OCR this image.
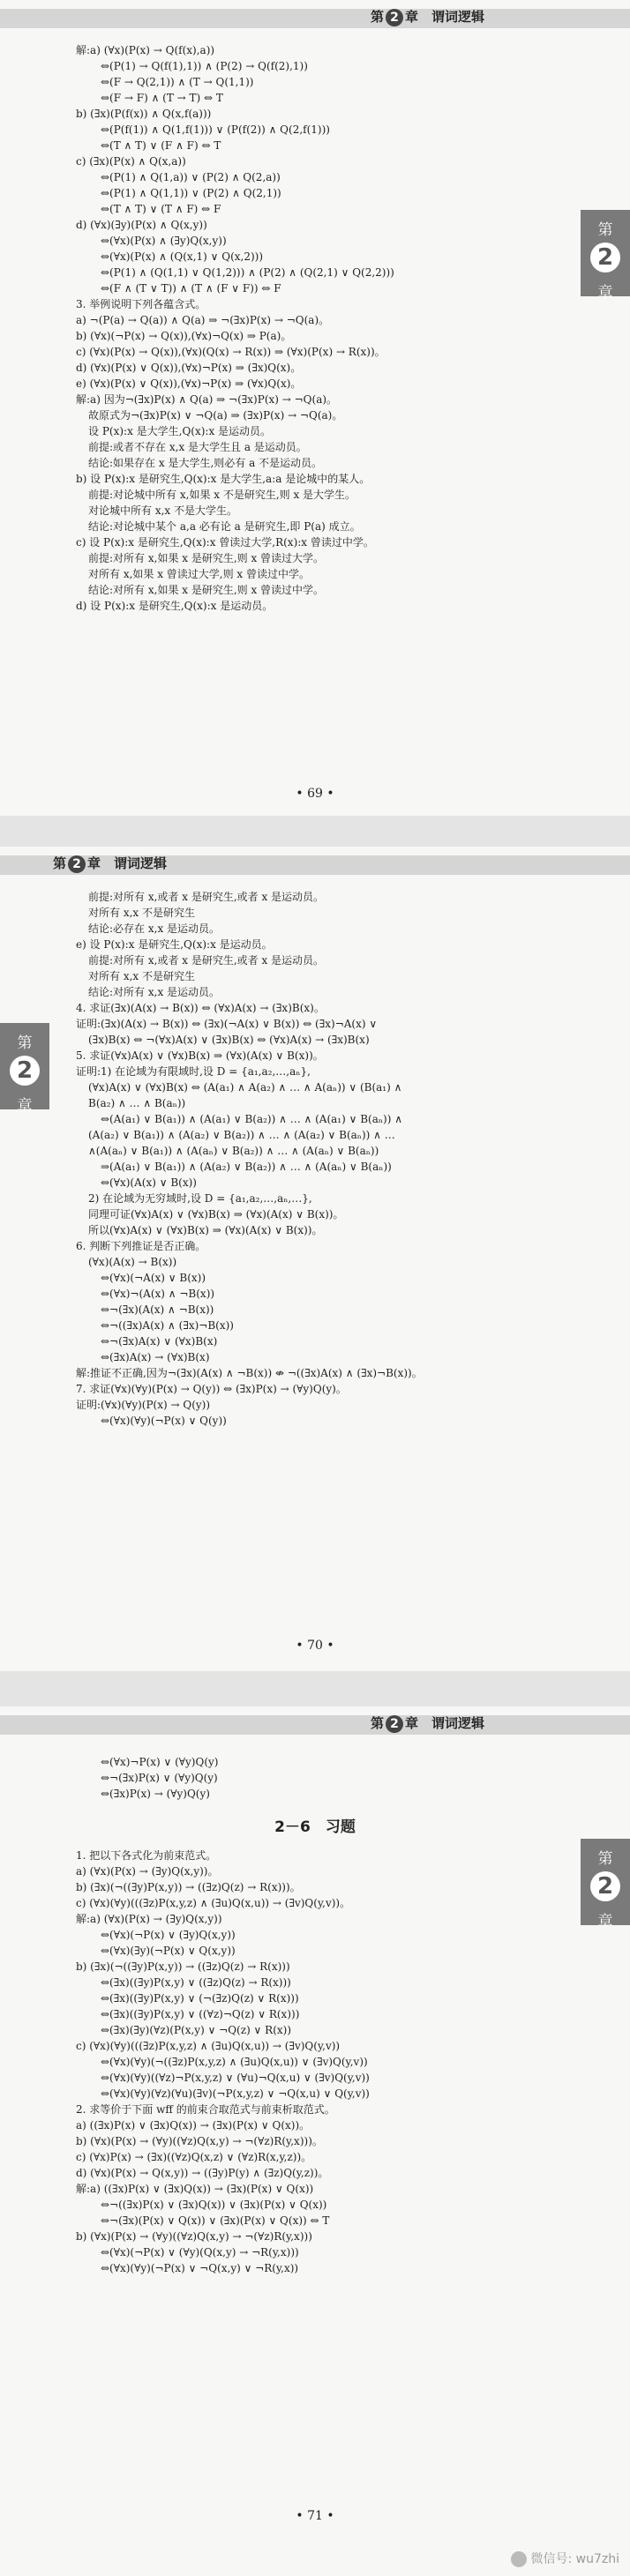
第 2 章　 谓词逻辑
第
2
章
解:a) (∀x)(P(x) → Q(f(x),a))
⇔(P(1) → Q(f(1),1)) ∧ (P(2) → Q(f(2),1))
⇔(F → Q(2,1)) ∧ (T → Q(1,1))
⇔(F → F) ∧ (T → T) ⇔ T
b) (∃x)(P(f(x)) ∧ Q(x,f(a)))
⇔(P(f(1)) ∧ Q(1,f(1))) ∨ (P(f(2)) ∧ Q(2,f(1)))
⇔(T ∧ T) ∨ (F ∧ F) ⇔ T
c) (∃x)(P(x) ∧ Q(x,a))
⇔(P(1) ∧ Q(1,a)) ∨ (P(2) ∧ Q(2,a))
⇔(P(1) ∧ Q(1,1)) ∨ (P(2) ∧ Q(2,1))
⇔(T ∧ T) ∨ (T ∧ F) ⇔ F
d) (∀x)(∃y)(P(x) ∧ Q(x,y))
⇔(∀x)(P(x) ∧ (∃y)Q(x,y))
⇔(∀x)(P(x) ∧ (Q(x,1) ∨ Q(x,2)))
⇔(P(1) ∧ (Q(1,1) ∨ Q(1,2))) ∧ (P(2) ∧ (Q(2,1) ∨ Q(2,2)))
⇔(F ∧ (T ∨ T)) ∧ (T ∧ (F ∨ F)) ⇔ F
3. 举例说明下列各蕴含式。
a) ¬(P(a) → Q(a)) ∧ Q(a) ⇒ ¬(∃x)P(x) → ¬Q(a)。
b) (∀x)(¬P(x) → Q(x)),(∀x)¬Q(x) ⇒ P(a)。
c) (∀x)(P(x) → Q(x)),(∀x)(Q(x) → R(x)) ⇒ (∀x)(P(x) → R(x))。
d) (∀x)(P(x) ∨ Q(x)),(∀x)¬P(x) ⇒ (∃x)Q(x)。
e) (∀x)(P(x) ∨ Q(x)),(∀x)¬P(x) ⇒ (∀x)Q(x)。
解:a) 因为¬(∃x)P(x) ∧ Q(a) ⇒ ¬(∃x)P(x) → ¬Q(a)。
故原式为¬(∃x)P(x) ∨ ¬Q(a) ⇒ (∃x)P(x) → ¬Q(a)。
设 P(x):x 是大学生,Q(x):x 是运动员。
前提:或者不存在 x,x 是大学生且 a 是运动员。
结论:如果存在 x 是大学生,则必有 a 不是运动员。
b) 设 P(x):x 是研究生,Q(x):x 是大学生,a:a 是论城中的某人。
前提:对论城中所有 x,如果 x 不是研究生,则 x 是大学生。
对论城中所有 x,x 不是大学生。
结论:对论城中某个 a,a 必有论 a 是研究生,即 P(a) 成立。
c) 设 P(x):x 是研究生,Q(x):x 曾读过大学,R(x):x 曾读过中学。
前提:对所有 x,如果 x 是研究生,则 x 曾读过大学。
对所有 x,如果 x 曾读过大学,则 x 曾读过中学。
结论:对所有 x,如果 x 是研究生,则 x 曾读过中学。
d) 设 P(x):x 是研究生,Q(x):x 是运动员。
• 69 •
第 2 章　 谓词逻辑
第
2
章
前提:对所有 x,或者 x 是研究生,或者 x 是运动员。
对所有 x,x 不是研究生
结论:必存在 x,x 是运动员。
e) 设 P(x):x 是研究生,Q(x):x 是运动员。
前提:对所有 x,或者 x 是研究生,或者 x 是运动员。
对所有 x,x 不是研究生
结论:对所有 x,x 是运动员。
4. 求证(∃x)(A(x) → B(x)) ⇔ (∀x)A(x) → (∃x)B(x)。
证明:(∃x)(A(x) → B(x)) ⇔ (∃x)(¬A(x) ∨ B(x)) ⇔ (∃x)¬A(x) ∨
(∃x)B(x) ⇔ ¬(∀x)A(x) ∨ (∃x)B(x) ⇔ (∀x)A(x) → (∃x)B(x)
5. 求证(∀x)A(x) ∨ (∀x)B(x) ⇒ (∀x)(A(x) ∨ B(x))。
证明:1) 在论域为有限域时,设 D = {a₁,a₂,…,aₙ},
(∀x)A(x) ∨ (∀x)B(x) ⇔ (A(a₁) ∧ A(a₂) ∧ … ∧ A(aₙ)) ∨ (B(a₁) ∧
B(a₂) ∧ … ∧ B(aₙ))
⇔(A(a₁) ∨ B(a₁)) ∧ (A(a₁) ∨ B(a₂)) ∧ … ∧ (A(a₁) ∨ B(aₙ)) ∧
(A(a₂) ∨ B(a₁)) ∧ (A(a₂) ∨ B(a₂)) ∧ … ∧ (A(a₂) ∨ B(aₙ)) ∧ …
∧(A(aₙ) ∨ B(a₁)) ∧ (A(aₙ) ∨ B(a₂)) ∧ … ∧ (A(aₙ) ∨ B(aₙ))
⇒(A(a₁) ∨ B(a₁)) ∧ (A(a₂) ∨ B(a₂)) ∧ … ∧ (A(aₙ) ∨ B(aₙ))
⇔(∀x)(A(x) ∨ B(x))
2) 在论域为无穷域时,设 D = {a₁,a₂,…,aₙ,…},
同理可证(∀x)A(x) ∨ (∀x)B(x) ⇒ (∀x)(A(x) ∨ B(x))。
所以(∀x)A(x) ∨ (∀x)B(x) ⇒ (∀x)(A(x) ∨ B(x))。
6. 判断下列推证是否正确。
(∀x)(A(x) → B(x))
⇔(∀x)(¬A(x) ∨ B(x))
⇔(∀x)¬(A(x) ∧ ¬B(x))
⇔¬(∃x)(A(x) ∧ ¬B(x))
⇔¬((∃x)A(x) ∧ (∃x)¬B(x))
⇔¬(∃x)A(x) ∨ (∀x)B(x)
⇔(∃x)A(x) → (∀x)B(x)
解:推证不正确,因为¬(∃x)(A(x) ∧ ¬B(x)) ⇎ ¬((∃x)A(x) ∧ (∃x)¬B(x))。
7. 求证(∀x)(∀y)(P(x) → Q(y)) ⇔ (∃x)P(x) → (∀y)Q(y)。
证明:(∀x)(∀y)(P(x) → Q(y))
⇔(∀x)(∀y)(¬P(x) ∨ Q(y))
• 70 •
第 2 章　 谓词逻辑
第
2
章
⇔(∀x)¬P(x) ∨ (∀y)Q(y)
⇔¬(∃x)P(x) ∨ (∀y)Q(y)
⇔(∃x)P(x) → (∀y)Q(y)
2－6　习题
1. 把以下各式化为前束范式。
a) (∀x)(P(x) → (∃y)Q(x,y))。
b) (∃x)(¬((∃y)P(x,y)) → ((∃z)Q(z) → R(x)))。
c) (∀x)(∀y)(((∃z)P(x,y,z) ∧ (∃u)Q(x,u)) → (∃v)Q(y,v))。
解:a) (∀x)(P(x) → (∃y)Q(x,y))
⇔(∀x)(¬P(x) ∨ (∃y)Q(x,y))
⇔(∀x)(∃y)(¬P(x) ∨ Q(x,y))
b) (∃x)(¬((∃y)P(x,y)) → ((∃z)Q(z) → R(x)))
⇔(∃x)((∃y)P(x,y) ∨ ((∃z)Q(z) → R(x)))
⇔(∃x)((∃y)P(x,y) ∨ (¬(∃z)Q(z) ∨ R(x)))
⇔(∃x)((∃y)P(x,y) ∨ ((∀z)¬Q(z) ∨ R(x)))
⇔(∃x)(∃y)(∀z)(P(x,y) ∨ ¬Q(z) ∨ R(x))
c) (∀x)(∀y)(((∃z)P(x,y,z) ∧ (∃u)Q(x,u)) → (∃v)Q(y,v))
⇔(∀x)(∀y)(¬((∃z)P(x,y,z) ∧ (∃u)Q(x,u)) ∨ (∃v)Q(y,v))
⇔(∀x)(∀y)((∀z)¬P(x,y,z) ∨ (∀u)¬Q(x,u) ∨ (∃v)Q(y,v))
⇔(∀x)(∀y)(∀z)(∀u)(∃v)(¬P(x,y,z) ∨ ¬Q(x,u) ∨ Q(y,v))
2. 求等价于下面 wff 的前束合取范式与前束析取范式。
a) ((∃x)P(x) ∨ (∃x)Q(x)) → (∃x)(P(x) ∨ Q(x))。
b) (∀x)(P(x) → (∀y)((∀z)Q(x,y) → ¬(∀z)R(y,x)))。
c) (∀x)P(x) → (∃x)((∀z)Q(x,z) ∨ (∀z)R(x,y,z))。
d) (∀x)(P(x) → Q(x,y)) → ((∃y)P(y) ∧ (∃z)Q(y,z))。
解:a) ((∃x)P(x) ∨ (∃x)Q(x)) → (∃x)(P(x) ∨ Q(x))
⇔¬((∃x)P(x) ∨ (∃x)Q(x)) ∨ (∃x)(P(x) ∨ Q(x))
⇔¬(∃x)(P(x) ∨ Q(x)) ∨ (∃x)(P(x) ∨ Q(x)) ⇔ T
b) (∀x)(P(x) → (∀y)((∀z)Q(x,y) → ¬(∀z)R(y,x)))
⇔(∀x)(¬P(x) ∨ (∀y)(Q(x,y) → ¬R(y,x)))
⇔(∀x)(∀y)(¬P(x) ∨ ¬Q(x,y) ∨ ¬R(y,x))
• 71 •
微信号: wu7zhi
